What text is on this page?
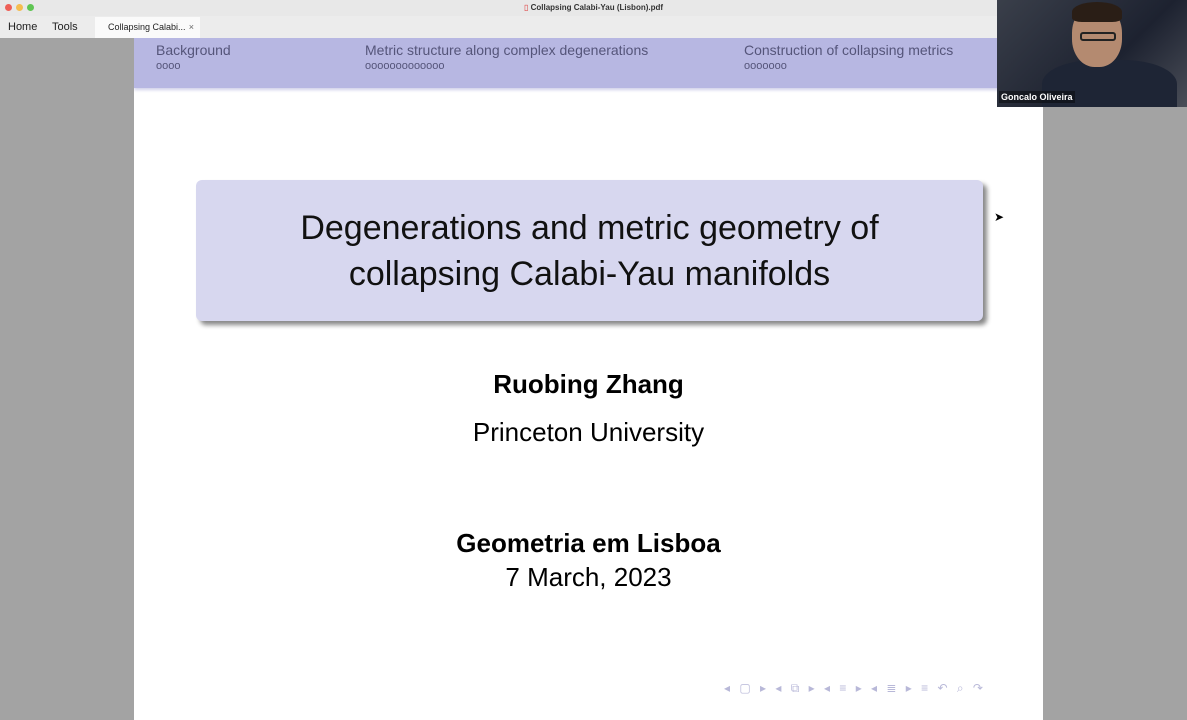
▯ Collapsing Calabi-Yau (Lisbon).pdf
Home Tools	Collapsing Calabi... ×
Background
oooo
Metric structure along complex degenerations
ooooooooooooo
Construction of collapsing metrics
ooooooo
Degenerations and metric geometry of
collapsing Calabi-Yau manifolds
Ruobing Zhang
Princeton University
Geometria em Lisboa
7 March, 2023
◂ ▢ ▸ ◂ ⧉ ▸ ◂ ≡ ▸ ◂ ≣ ▸ ≡ ↶ ⌕ ↷
➤
Goncalo Oliveira
